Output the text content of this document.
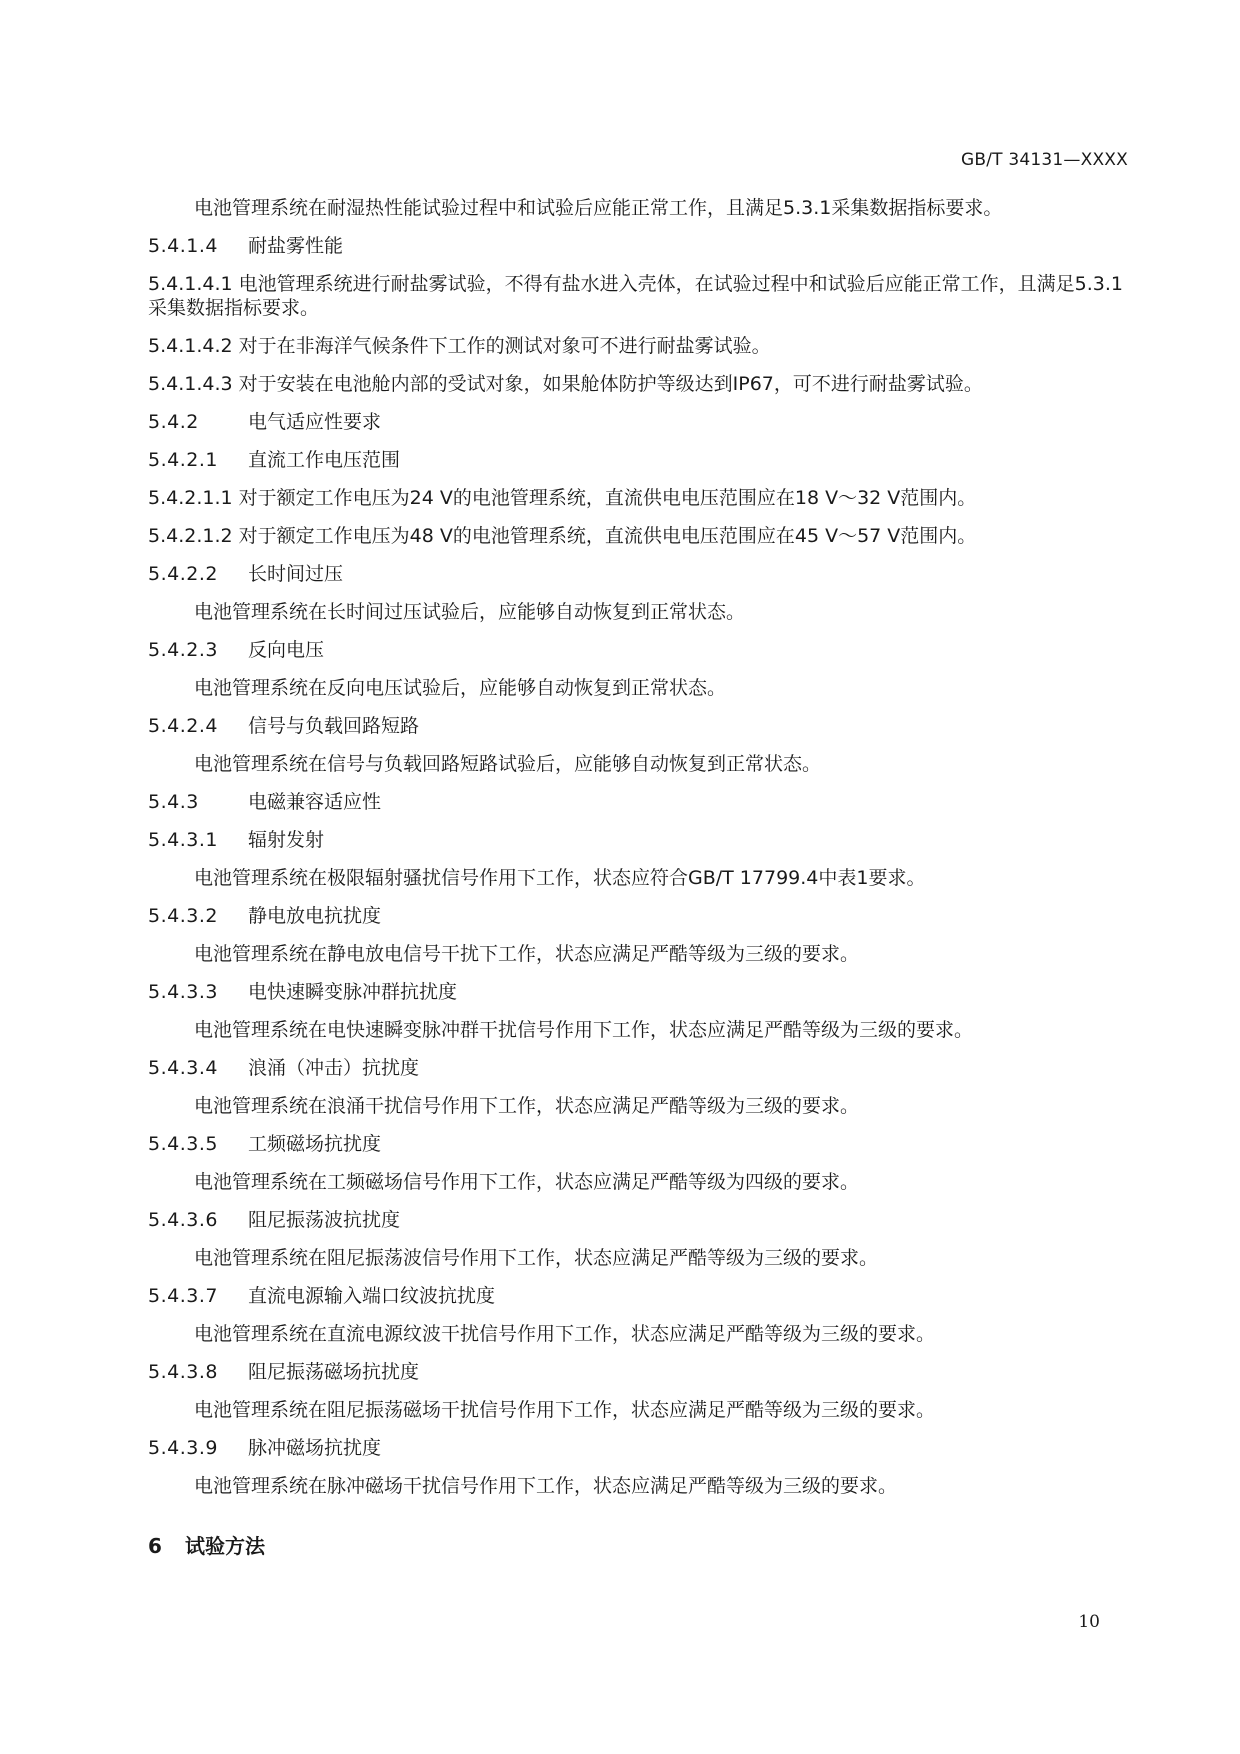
GB/T 34131—XXXX
电池管理系统在耐湿热性能试验过程中和试验后应能正常工作，且满足5.3.1采集数据指标要求。
5.4.1.4 耐盐雾性能
5.4.1.4.1 电池管理系统进行耐盐雾试验，不得有盐水进入壳体，在试验过程中和试验后应能正常工作，且满足5.3.1采集数据指标要求。
5.4.1.4.2 对于在非海洋气候条件下工作的测试对象可不进行耐盐雾试验。
5.4.1.4.3 对于安装在电池舱内部的受试对象，如果舱体防护等级达到IP67，可不进行耐盐雾试验。
5.4.2	电气适应性要求
5.4.2.1 直流工作电压范围
5.4.2.1.1 对于额定工作电压为24 V的电池管理系统，直流供电电压范围应在18 V～32 V范围内。
5.4.2.1.2 对于额定工作电压为48 V的电池管理系统，直流供电电压范围应在45 V～57 V范围内。
5.4.2.2 长时间过压
电池管理系统在长时间过压试验后，应能够自动恢复到正常状态。
5.4.2.3 反向电压
电池管理系统在反向电压试验后，应能够自动恢复到正常状态。
5.4.2.4 信号与负载回路短路
电池管理系统在信号与负载回路短路试验后，应能够自动恢复到正常状态。
5.4.3	电磁兼容适应性
5.4.3.1 辐射发射
电池管理系统在极限辐射骚扰信号作用下工作，状态应符合GB/T 17799.4中表1要求。
5.4.3.2 静电放电抗扰度
电池管理系统在静电放电信号干扰下工作，状态应满足严酷等级为三级的要求。
5.4.3.3 电快速瞬变脉冲群抗扰度
电池管理系统在电快速瞬变脉冲群干扰信号作用下工作，状态应满足严酷等级为三级的要求。
5.4.3.4 浪涌（冲击）抗扰度
电池管理系统在浪涌干扰信号作用下工作，状态应满足严酷等级为三级的要求。
5.4.3.5 工频磁场抗扰度
电池管理系统在工频磁场信号作用下工作，状态应满足严酷等级为四级的要求。
5.4.3.6 阻尼振荡波抗扰度
电池管理系统在阻尼振荡波信号作用下工作，状态应满足严酷等级为三级的要求。
5.4.3.7 直流电源输入端口纹波抗扰度
电池管理系统在直流电源纹波干扰信号作用下工作，状态应满足严酷等级为三级的要求。
5.4.3.8 阻尼振荡磁场抗扰度
电池管理系统在阻尼振荡磁场干扰信号作用下工作，状态应满足严酷等级为三级的要求。
5.4.3.9 脉冲磁场抗扰度
电池管理系统在脉冲磁场干扰信号作用下工作，状态应满足严酷等级为三级的要求。
6 试验方法
10
